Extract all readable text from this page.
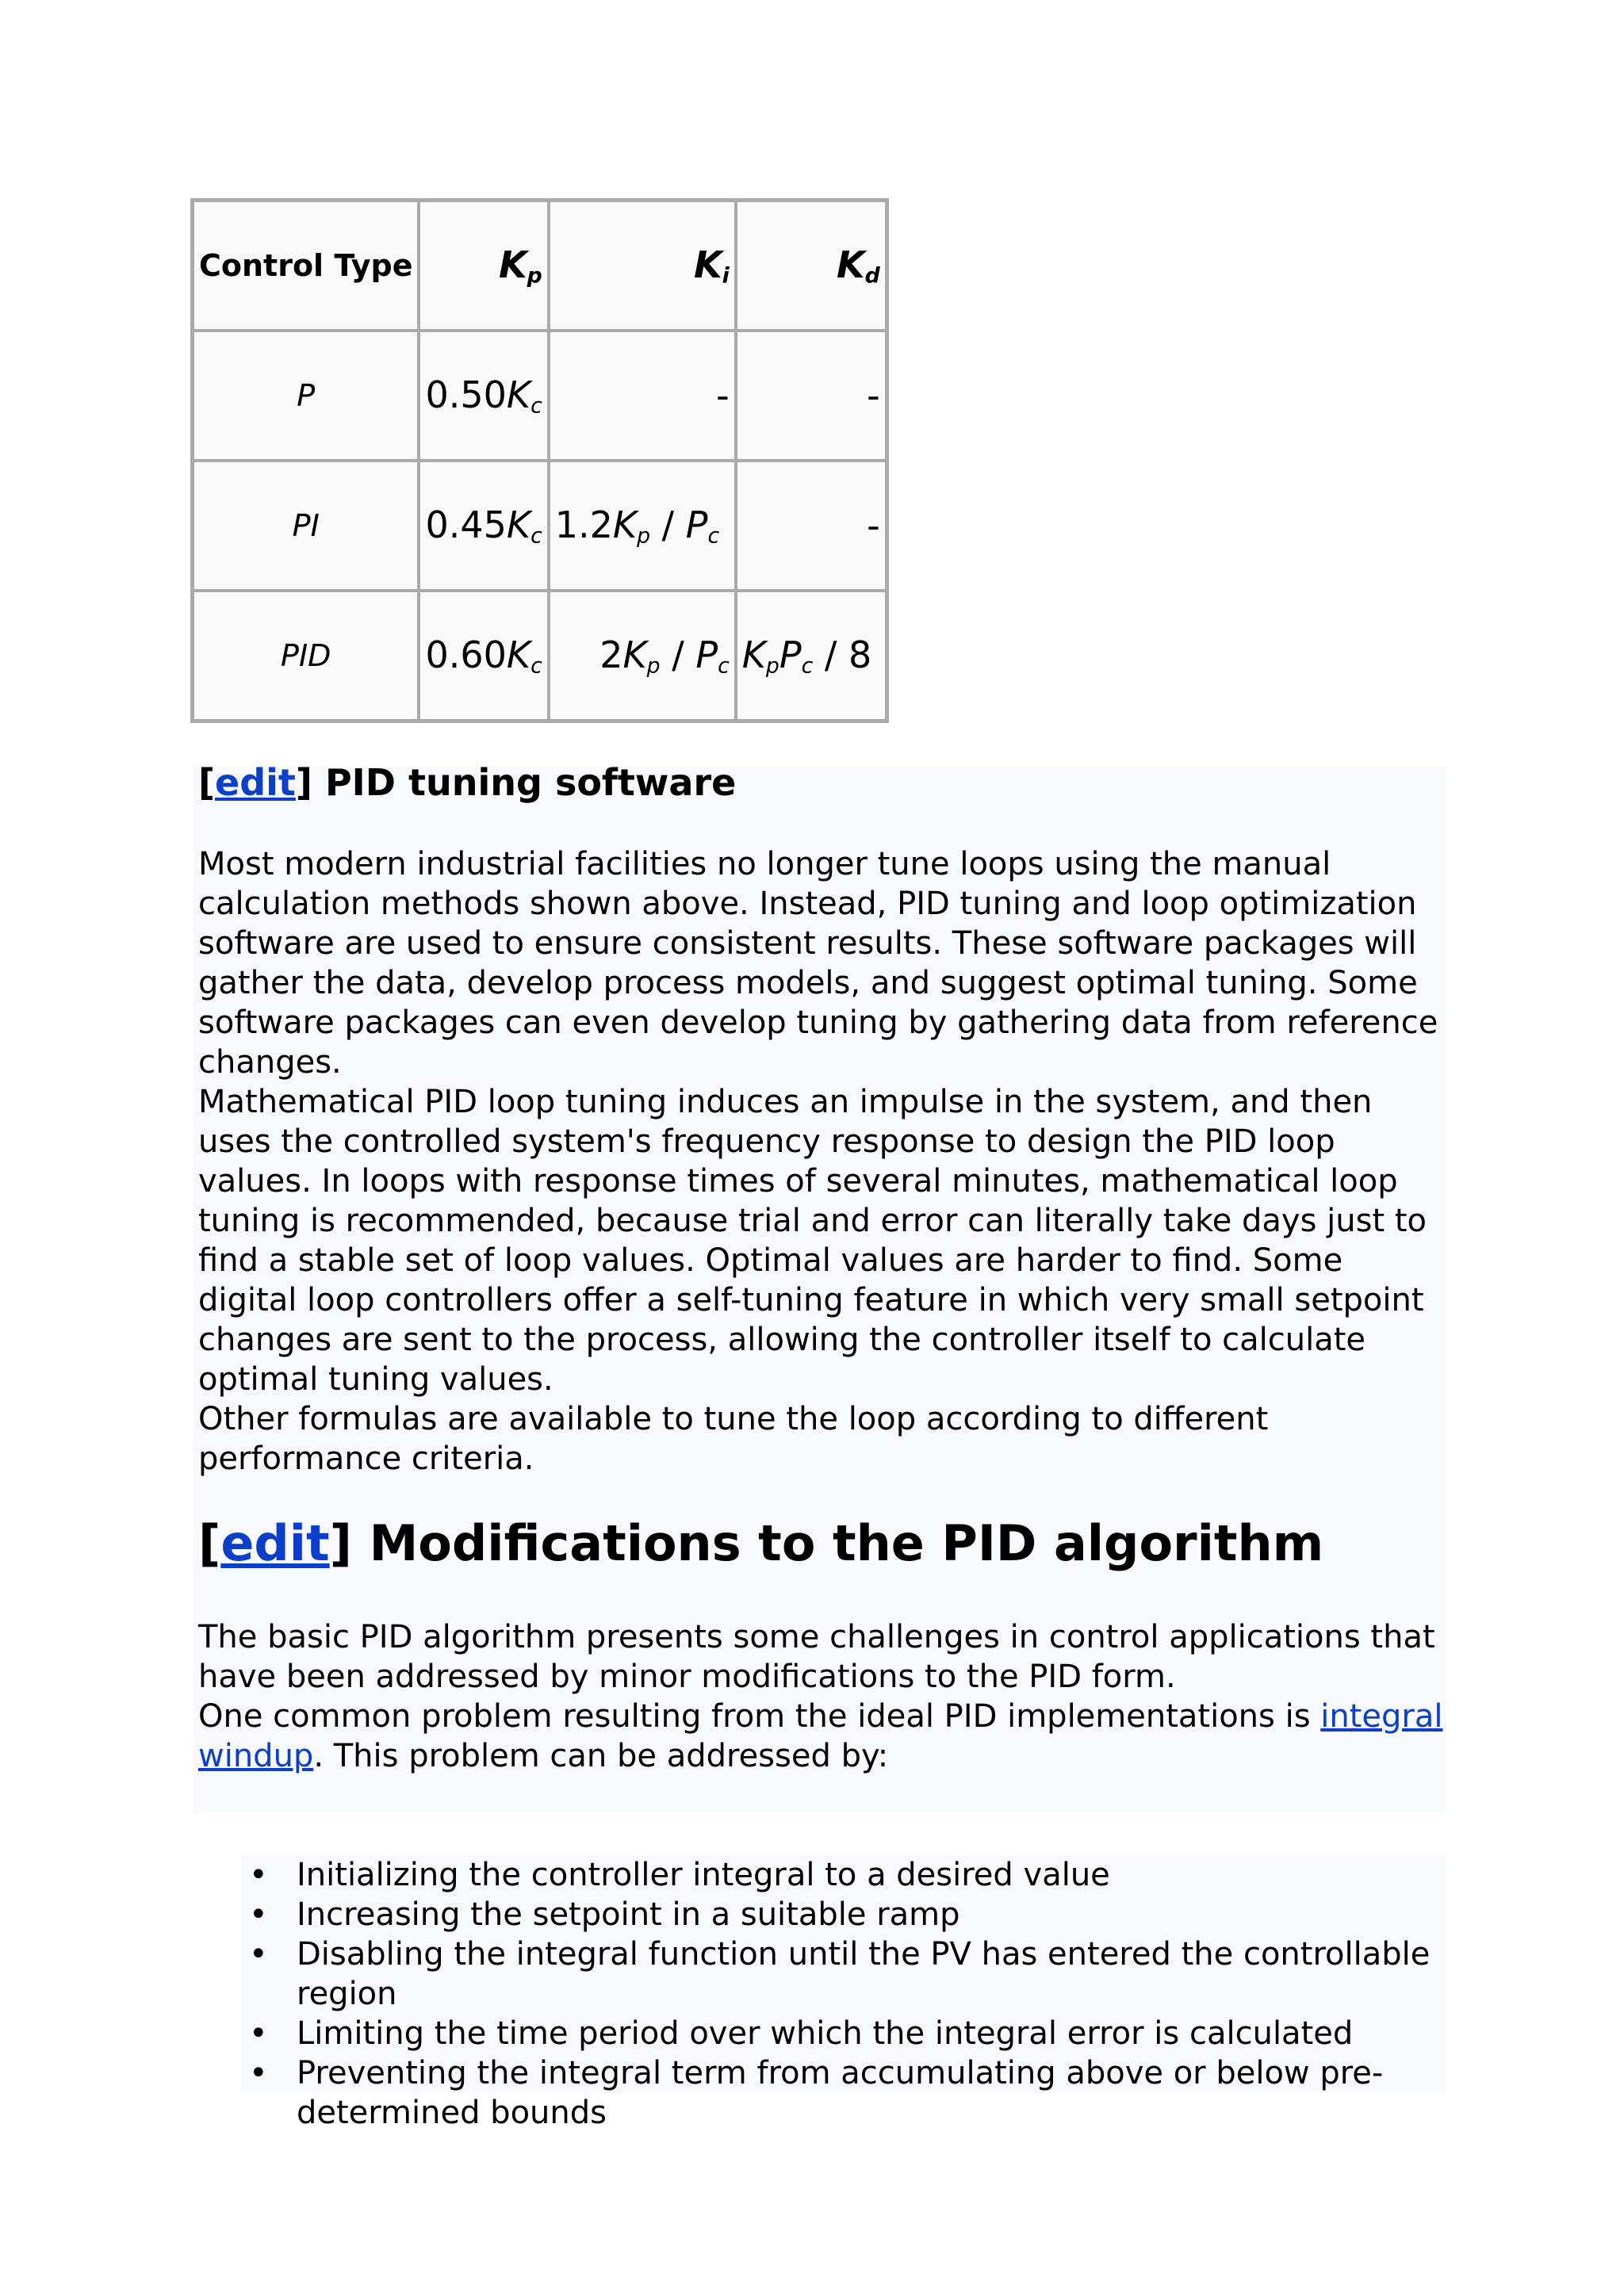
Control Type	$K_p$	$K_i$	$K_d$
P	$0.50K_c$	-	-
PI	$0.45K_c$	$1.2K_p / P_c$	-
PID	$0.60K_c$	$2K_p / P_c$	$K_pP_c / 8$
[edit] PID tuning software

Most modern industrial facilities no longer tune loops using the manual calculation methods shown above. Instead, PID tuning and loop optimization software are used to ensure consistent results. These software packages will gather the data, develop process models, and suggest optimal tuning. Some software packages can even develop tuning by gathering data from reference changes.

Mathematical PID loop tuning induces an impulse in the system, and then uses the controlled system's frequency response to design the PID loop values. In loops with response times of several minutes, mathematical loop tuning is recommended, because trial and error can literally take days just to find a stable set of loop values. Optimal values are harder to find. Some digital loop controllers offer a self-tuning feature in which very small setpoint changes are sent to the process, allowing the controller itself to calculate optimal tuning values.

Other formulas are available to tune the loop according to different performance criteria.

[edit] Modifications to the PID algorithm

The basic PID algorithm presents some challenges in control applications that have been addressed by minor modifications to the PID form.

One common problem resulting from the ideal PID implementations is integral windup. This problem can be addressed by:

• Initializing the controller integral to a desired value
• Increasing the setpoint in a suitable ramp
• Disabling the integral function until the PV has entered the controllable region
• Limiting the time period over which the integral error is calculated
• Preventing the integral term from accumulating above or below pre-determined bounds
